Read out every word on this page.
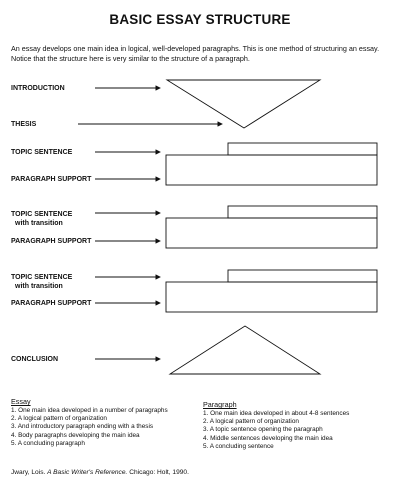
BASIC ESSAY STRUCTURE
An essay develops one main idea in logical, well-developed paragraphs. This is one method of structuring an essay. Notice that the structure here is very similar to the structure of a paragraph.
INTRODUCTION
THESIS
TOPIC SENTENCE
PARAGRAPH SUPPORT
TOPIC SENTENCE
with transition
PARAGRAPH SUPPORT
TOPIC SENTENCE
with transition
PARAGRAPH SUPPORT
CONCLUSION
Essay
1. One main idea developed in a number of paragraphs
2. A logical pattern of organization
3. And introductory paragraph ending with a thesis
4. Body paragraphs developing the main idea
5. A concluding paragraph
Paragraph
1. One main idea developed in about 4-8 sentences
2. A logical pattern of organization
3. A topic sentence opening the paragraph
4. Middle sentences developing the main idea
5. A concluding sentence
Jwary, Lois. A Basic Writer's Reference. Chicago: Holt, 1990.
